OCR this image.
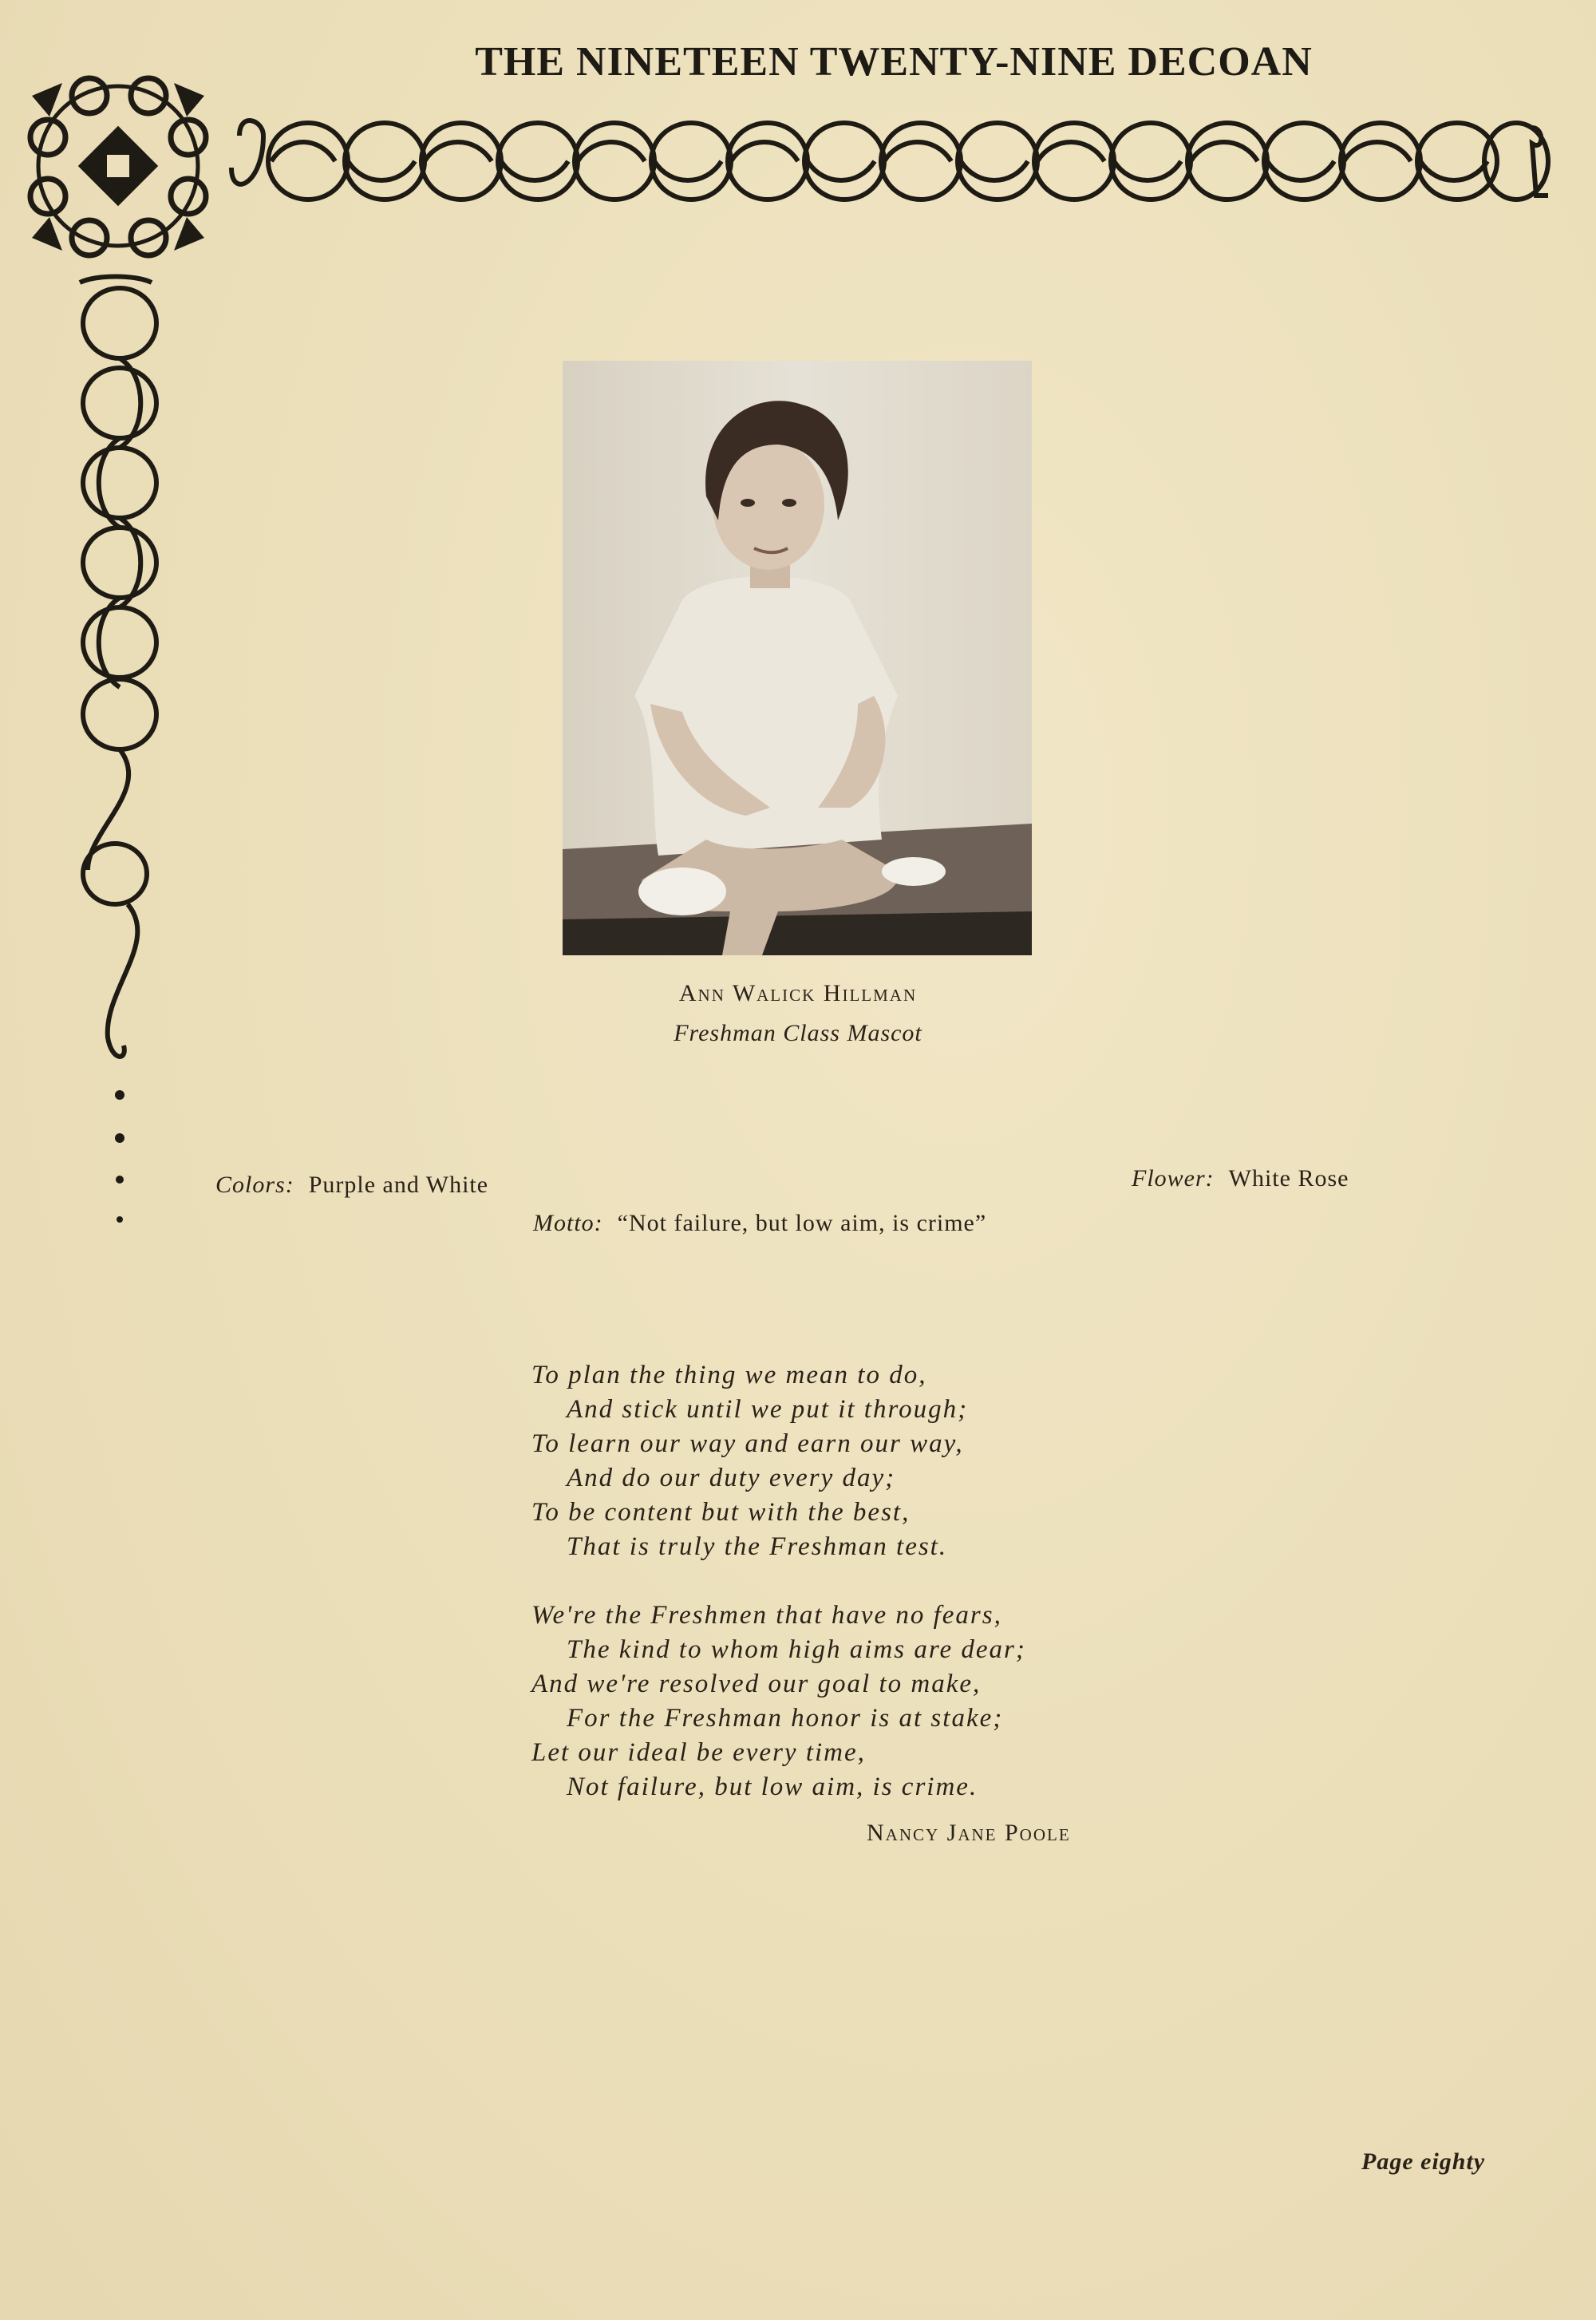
THE NINETEEN TWENTY-NINE DECOAN
Ann Walick Hillman
Freshman Class Mascot
Colors: Purple and White	Flower: White Rose
Motto: “Not failure, but low aim, is crime”
To plan the thing we mean to do,
And stick until we put it through;
To learn our way and earn our way,
And do our duty every day;
To be content but with the best,
That is truly the Freshman test.
We're the Freshmen that have no fears,
The kind to whom high aims are dear;
And we're resolved our goal to make,
For the Freshman honor is at stake;
Let our ideal be every time,
Not failure, but low aim, is crime.
Nancy Jane Poole
Page eighty
